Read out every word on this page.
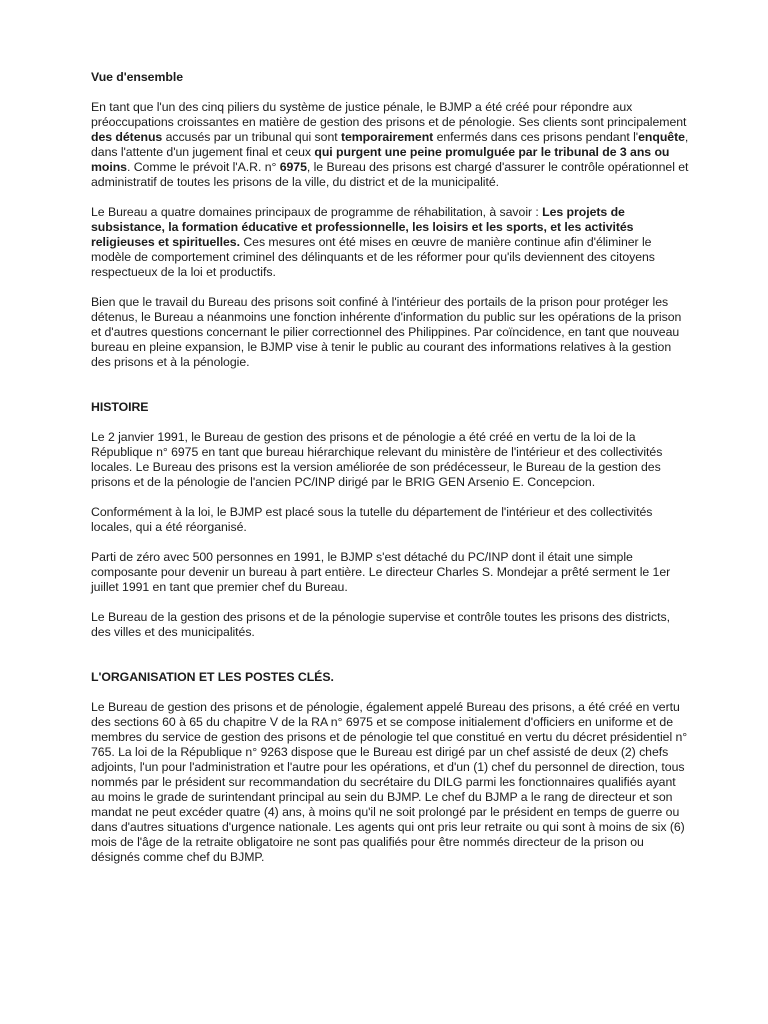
Vue d'ensemble

En tant que l'un des cinq piliers du système de justice pénale, le BJMP a été créé pour répondre aux préoccupations croissantes en matière de gestion des prisons et de pénologie. Ses clients sont principalement des détenus accusés par un tribunal qui sont temporairement enfermés dans ces prisons pendant l'enquête, dans l'attente d'un jugement final et ceux qui purgent une peine promulguée par le tribunal de 3 ans ou moins. Comme le prévoit l'A.R. n° 6975, le Bureau des prisons est chargé d'assurer le contrôle opérationnel et administratif de toutes les prisons de la ville, du district et de la municipalité.

Le Bureau a quatre domaines principaux de programme de réhabilitation, à savoir : Les projets de subsistance, la formation éducative et professionnelle, les loisirs et les sports, et les activités religieuses et spirituelles. Ces mesures ont été mises en œuvre de manière continue afin d'éliminer le modèle de comportement criminel des délinquants et de les réformer pour qu'ils deviennent des citoyens respectueux de la loi et productifs.

Bien que le travail du Bureau des prisons soit confiné à l'intérieur des portails de la prison pour protéger les détenus, le Bureau a néanmoins une fonction inhérente d'information du public sur les opérations de la prison et d'autres questions concernant le pilier correctionnel des Philippines. Par coïncidence, en tant que nouveau bureau en pleine expansion, le BJMP vise à tenir le public au courant des informations relatives à la gestion des prisons et à la pénologie.

HISTOIRE

Le 2 janvier 1991, le Bureau de gestion des prisons et de pénologie a été créé en vertu de la loi de la République n° 6975 en tant que bureau hiérarchique relevant du ministère de l'intérieur et des collectivités locales. Le Bureau des prisons est la version améliorée de son prédécesseur, le Bureau de la gestion des prisons et de la pénologie de l'ancien PC/INP dirigé par le BRIG GEN Arsenio E. Concepcion.

Conformément à la loi, le BJMP est placé sous la tutelle du département de l'intérieur et des collectivités locales, qui a été réorganisé.

Parti de zéro avec 500 personnes en 1991, le BJMP s'est détaché du PC/INP dont il était une simple composante pour devenir un bureau à part entière. Le directeur Charles S. Mondejar a prêté serment le 1er juillet 1991 en tant que premier chef du Bureau.

Le Bureau de la gestion des prisons et de la pénologie supervise et contrôle toutes les prisons des districts, des villes et des municipalités.

L'ORGANISATION ET LES POSTES CLÉS.

Le Bureau de gestion des prisons et de pénologie, également appelé Bureau des prisons, a été créé en vertu des sections 60 à 65 du chapitre V de la RA n° 6975 et se compose initialement d'officiers en uniforme et de membres du service de gestion des prisons et de pénologie tel que constitué en vertu du décret présidentiel n° 765. La loi de la République n° 9263 dispose que le Bureau est dirigé par un chef assisté de deux (2) chefs adjoints, l'un pour l'administration et l'autre pour les opérations, et d'un (1) chef du personnel de direction, tous nommés par le président sur recommandation du secrétaire du DILG parmi les fonctionnaires qualifiés ayant au moins le grade de surintendant principal au sein du BJMP. Le chef du BJMP a le rang de directeur et son mandat ne peut excéder quatre (4) ans, à moins qu'il ne soit prolongé par le président en temps de guerre ou dans d'autres situations d'urgence nationale. Les agents qui ont pris leur retraite ou qui sont à moins de six (6) mois de l'âge de la retraite obligatoire ne sont pas qualifiés pour être nommés directeur de la prison ou désignés comme chef du BJMP.
